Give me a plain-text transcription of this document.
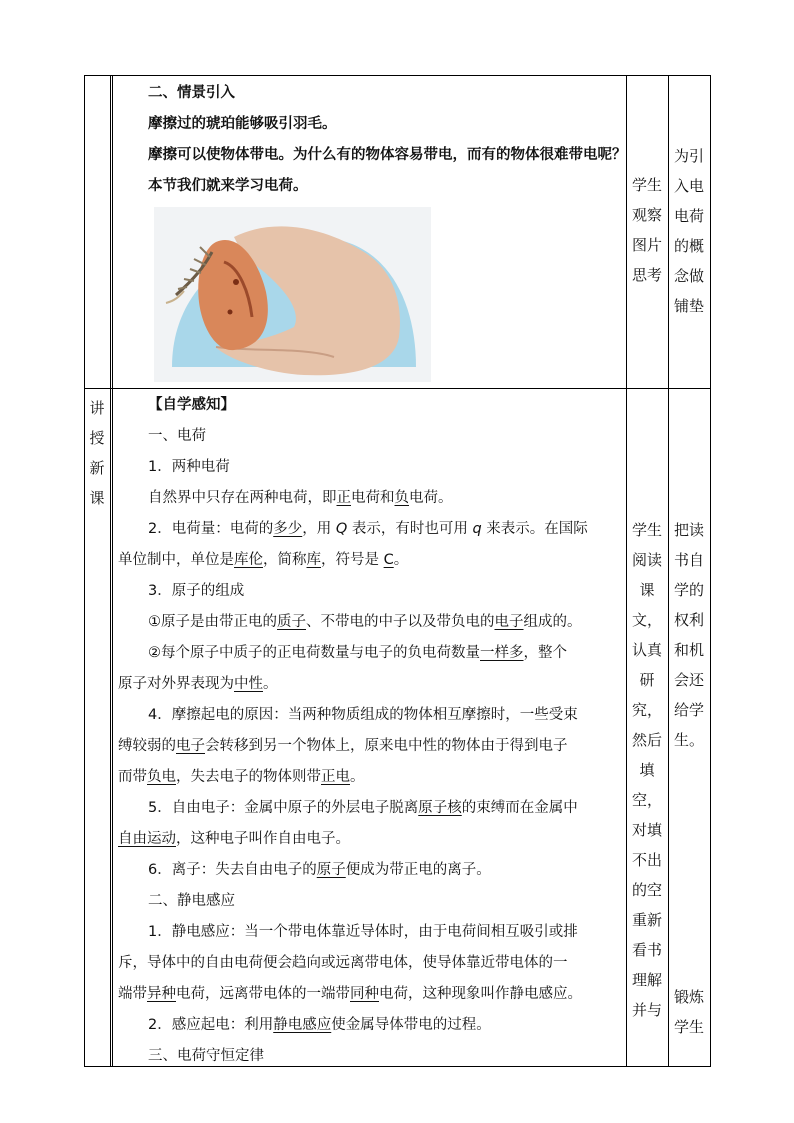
二、情景引入

摩擦过的琥珀能够吸引羽毛。

摩擦可以使物体带电。为什么有的物体容易带电，而有的物体很难带电呢？

本节我们就来学习电荷。	学生
观察
图片
思考
为引
入电
电荷
的概
念做
铺垫
讲
授
新
课

【自学感知】

一、电荷

1．两种电荷

自然界中只存在两种电荷，即正电荷和负电荷。

2．电荷量：电荷的多少，用 Q 表示，有时也可用 q 来表示。在国际

单位制中，单位是库伦，简称库，符号是 C。

3．原子的组成

①原子是由带正电的质子、不带电的中子以及带负电的电子组成的。

②每个原子中质子的正电荷数量与电子的负电荷数量一样多，整个

原子对外界表现为中性。

4．摩擦起电的原因：当两种物质组成的物体相互摩擦时，一些受束

缚较弱的电子会转移到另一个物体上，原来电中性的物体由于得到电子

而带负电，失去电子的物体则带正电。

5．自由电子：金属中原子的外层电子脱离原子核的束缚而在金属中

自由运动，这种电子叫作自由电子。

6．离子：失去自由电子的原子便成为带正电的离子。

二、静电感应

1．静电感应：当一个带电体靠近导体时，由于电荷间相互吸引或排

斥，导体中的自由电荷便会趋向或远离带电体，使导体靠近带电体的一

端带异种电荷，远离带电体的一端带同种电荷，这种现象叫作静电感应。

2．感应起电：利用静电感应使金属导体带电的过程。

三、电荷守恒定律

学生
阅读
课
文，
认真
研
究，
然后
填
空，
对填
不出
的空
重新
看书
理解
并与
把读
书自
学的
权利
和机
会还
给学
生。
锻炼
学生
